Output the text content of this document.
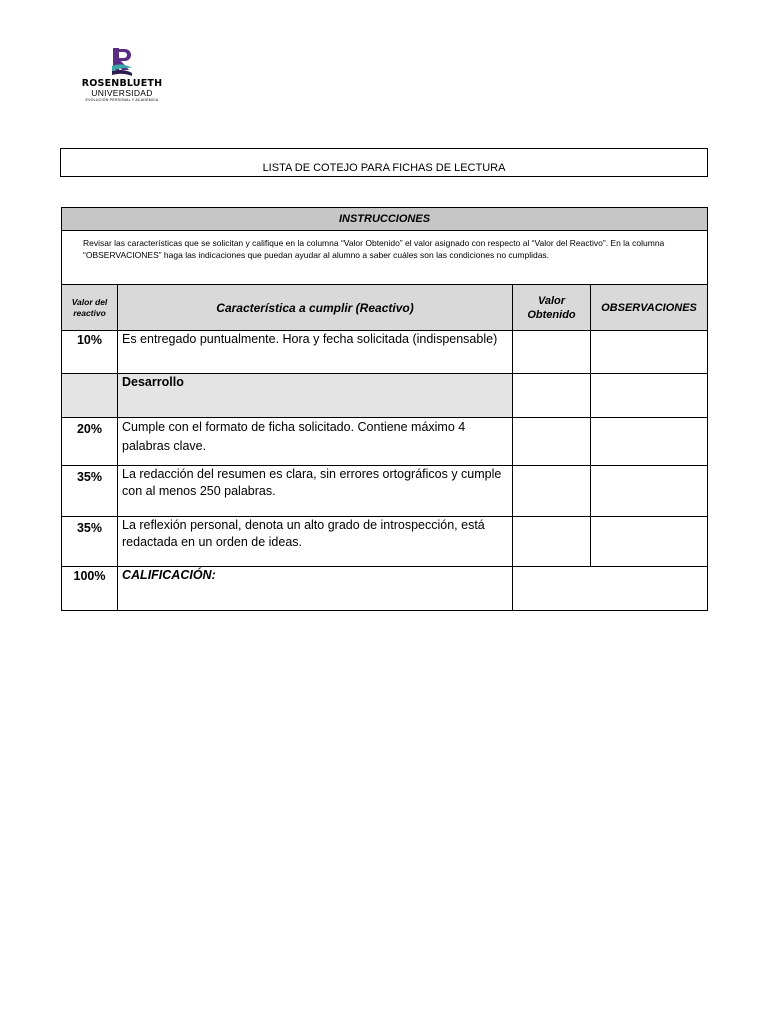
ROSENBLUETH
UNIVERSIDAD
EVOLUCIÓN PERSONAL Y ACADÉMICA
LISTA DE COTEJO PARA FICHAS DE LECTURA
INSTRUCCIONES			
Revisar las características que se solicitan y califique en la columna “Valor Obtenido” el valor asignado con respecto al “Valor del Reactivo”. En la columna “OBSERVACIONES” haga las indicaciones que puedan ayudar al alumno a saber cuáles son las condiciones no cumplidas.			
Valor del reactivo	Característica a cumplir (Reactivo)	Valor Obtenido	OBSERVACIONES
10%	Es entregado puntualmente. Hora y fecha solicitada (indispensable)		
	Desarrollo		
20%	Cumple con el formato de ficha solicitado. Contiene máximo 4 palabras clave.		
35%	La redacción del resumen es clara, sin errores ortográficos y cumple con al menos 250 palabras.		
35%	La reflexión personal, denota un alto grado de introspección, está redactada en un orden de ideas.		
100%	CALIFICACIÓN:		
